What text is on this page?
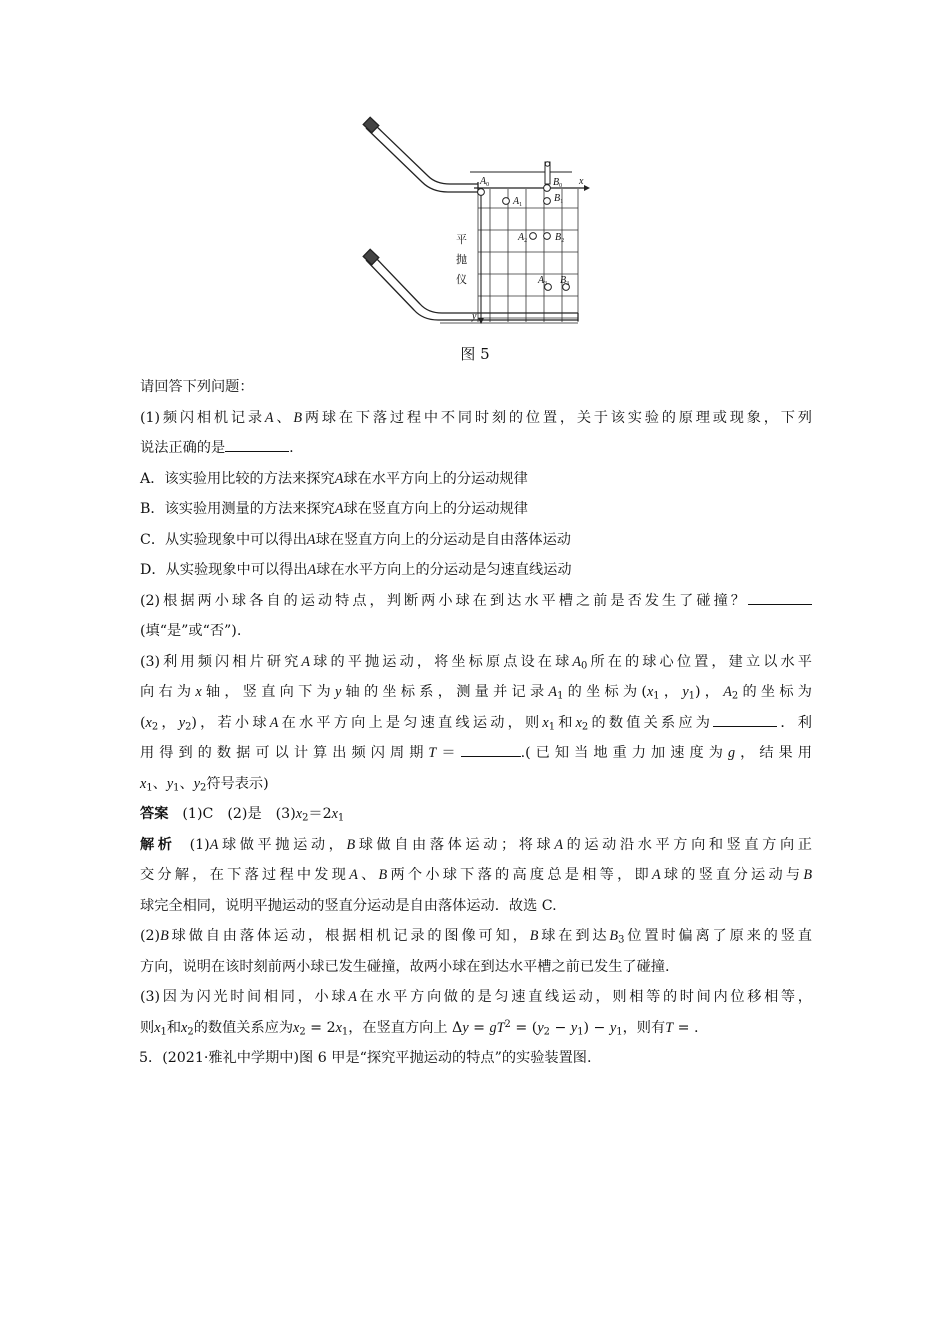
$A_0$	$B_0$
$A_1$
$B_1$
$A_2$	$B_2$
$A_3$ $B_3$
x
y
平
抛
仪
图 5
请回答下列问题：
(1)频闪相机记录A、B两球在下落过程中不同时刻的位置，关于该实验的原理或现象，下列
说法正确的是	.
A．该实验用比较的方法来探究A球在水平方向上的分运动规律
B．该实验用测量的方法来探究A球在竖直方向上的分运动规律
C．从实验现象中可以得出A球在竖直方向上的分运动是自由落体运动
D．从实验现象中可以得出A球在水平方向上的分运动是匀速直线运动
(2)根据两小球各自的运动特点，判断两小球在到达水平槽之前是否发生了碰撞？
(填“是”或“否”).
(3)利用频闪相片研究A球的平抛运动，将坐标原点设在球$A_0$所在的球心位置，建立以水平
向右为x轴，竖直向下为y轴的坐标系，测量并记录$A_1$的坐标为($x_1$，$y_1$)，$A_2$的坐标为
($x_2$，$y_2$)，若小球A在水平方向上是匀速直线运动，则$x_1$和$x_2$的数值关系应为	．利
用得到的数据可以计算出频闪周期T＝	.(已知当地重力加速度为g，结果用
$x_1$、$y_1$、$y_2$符号表示)
答案 (1)C (2)是 $(3)x_2=2x_1$
解析 (1)A球做平抛运动，B球做自由落体运动；将球A的运动沿水平方向和竖直方向正
交分解，在下落过程中发现A、B两个小球下落的高度总是相等，即A球的竖直分运动与B
球完全相同，说明平抛运动的竖直分运动是自由落体运动．故选 C.
(2)B球做自由落体运动，根据相机记录的图像可知，B球在到达$B_3$位置时偏离了原来的竖直
方向，说明在该时刻前两小球已发生碰撞，故两小球在到达水平槽之前已发生了碰撞.
(3)因为闪光时间相同，小球A在水平方向做的是匀速直线运动，则相等的时间内位移相等，
则$x_1$和$x_2$的数值关系应为$x_2 = 2x_1$，在竖直方向上 $\Delta y = gT^2 = (y_2 - y_1) - y_1$，则有T = .
5．(2021·雅礼中学期中)图 6 甲是“探究平抛运动的特点”的实验装置图.
